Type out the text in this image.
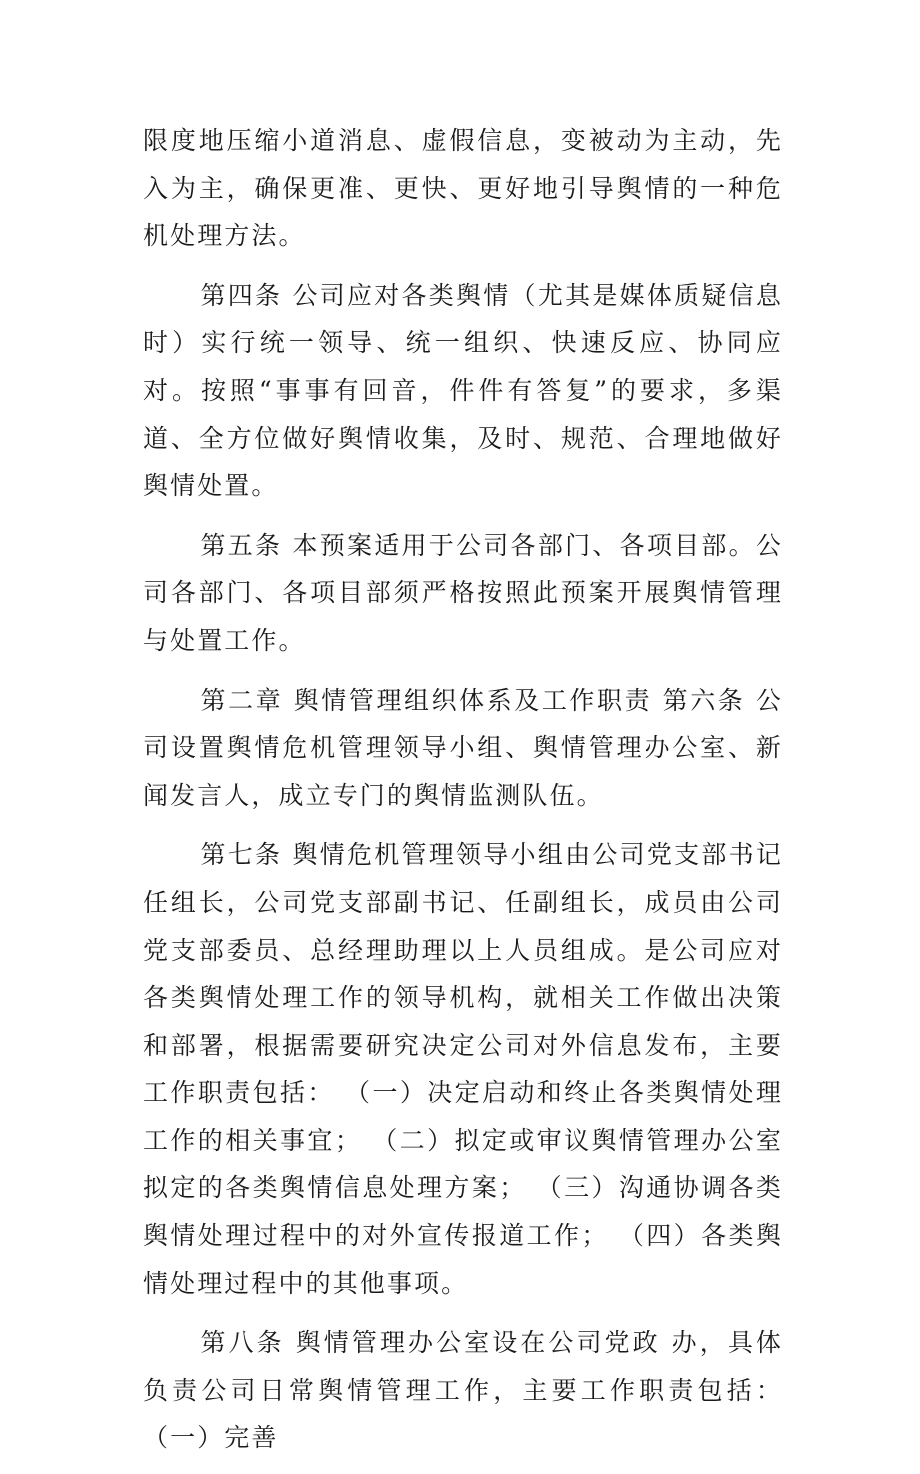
限度地压缩小道消息、虚假信息，变被动为主动，先入为主，确保更准、更快、更好地引导舆情的一种危机处理方法。

第四条 公司应对各类舆情（尤其是媒体质疑信息时）实行统一领导、统一组织、快速反应、协同应对。按照“事事有回音，件件有答复”的要求，多渠道、全方位做好舆情收集，及时、规范、合理地做好舆情处置。

第五条 本预案适用于公司各部门、各项目部。公司各部门、各项目部须严格按照此预案开展舆情管理与处置工作。

第二章 舆情管理组织体系及工作职责 第六条 公司设置舆情危机管理领导小组、舆情管理办公室、新闻发言人，成立专门的舆情监测队伍。

第七条 舆情危机管理领导小组由公司党支部书记任组长，公司党支部副书记、任副组长，成员由公司党支部委员、总经理助理以上人员组成。是公司应对各类舆情处理工作的领导机构，就相关工作做出决策和部署，根据需要研究决定公司对外信息发布，主要工作职责包括： （一）决定启动和终止各类舆情处理工作的相关事宜； （二）拟定或审议舆情管理办公室拟定的各类舆情信息处理方案； （三）沟通协调各类舆情处理过程中的对外宣传报道工作； （四）各类舆情处理过程中的其他事项。

第八条 舆情管理办公室设在公司党政 办，具体负责公司日常舆情管理工作，主要工作职责包括： （一）完善
